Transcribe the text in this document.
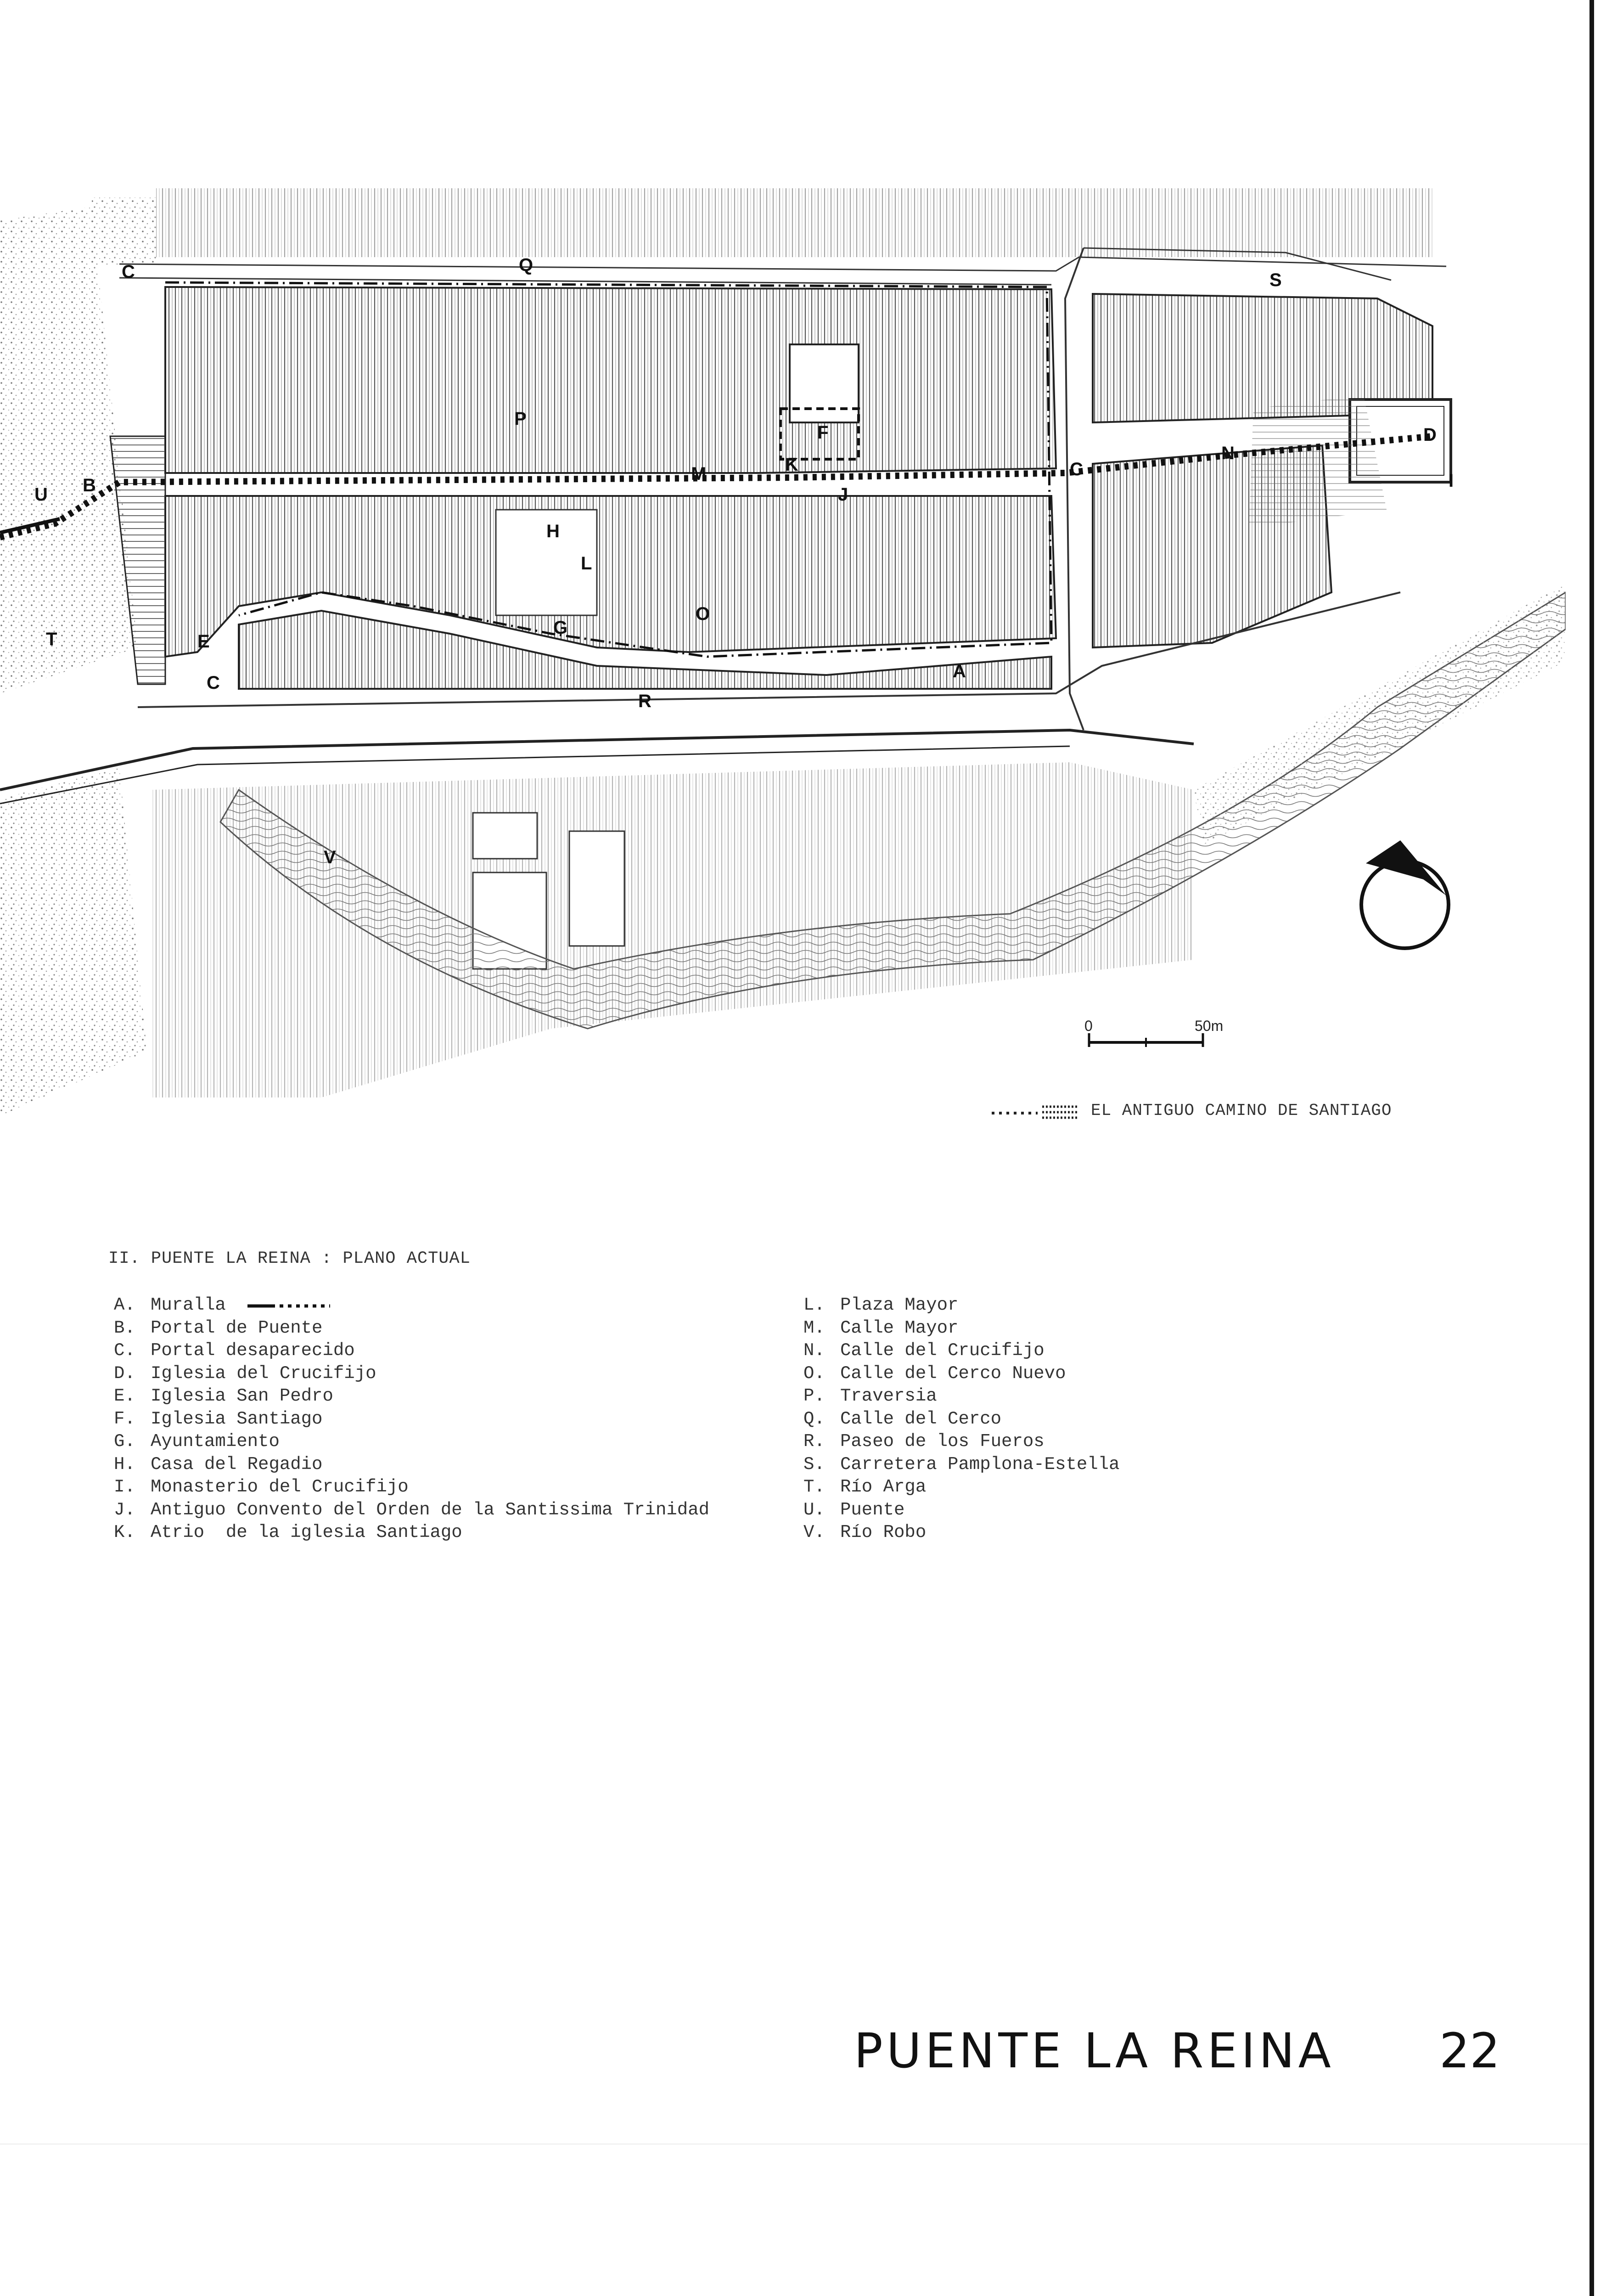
0	50m
Q
S
C
P
F	D
N
U B
M	K	C
I
J
H
L
O
G
E
T
C
A
R
V
EL ANTIGUO CAMINO DE SANTIAGO
II. PUENTE LA REINA : PLANO ACTUAL
A. Muralla
B. Portal de Puente
C. Portal desaparecido
D. Iglesia del Crucifijo
E. Iglesia San Pedro
F. Iglesia Santiago
G. Ayuntamiento
H. Casa del Regadio
I. Monasterio del Crucifijo
J. Antiguo Convento del Orden de la Santissima Trinidad
K. Atrio  de la iglesia Santiago
L. Plaza Mayor
M. Calle Mayor
N. Calle del Crucifijo
O. Calle del Cerco Nuevo
P. Traversia
Q. Calle del Cerco
R. Paseo de los Fueros
S. Carretera Pamplona-Estella
T. Río Arga
U. Puente
V. Río Robo
PUENTE LA REINA 22
